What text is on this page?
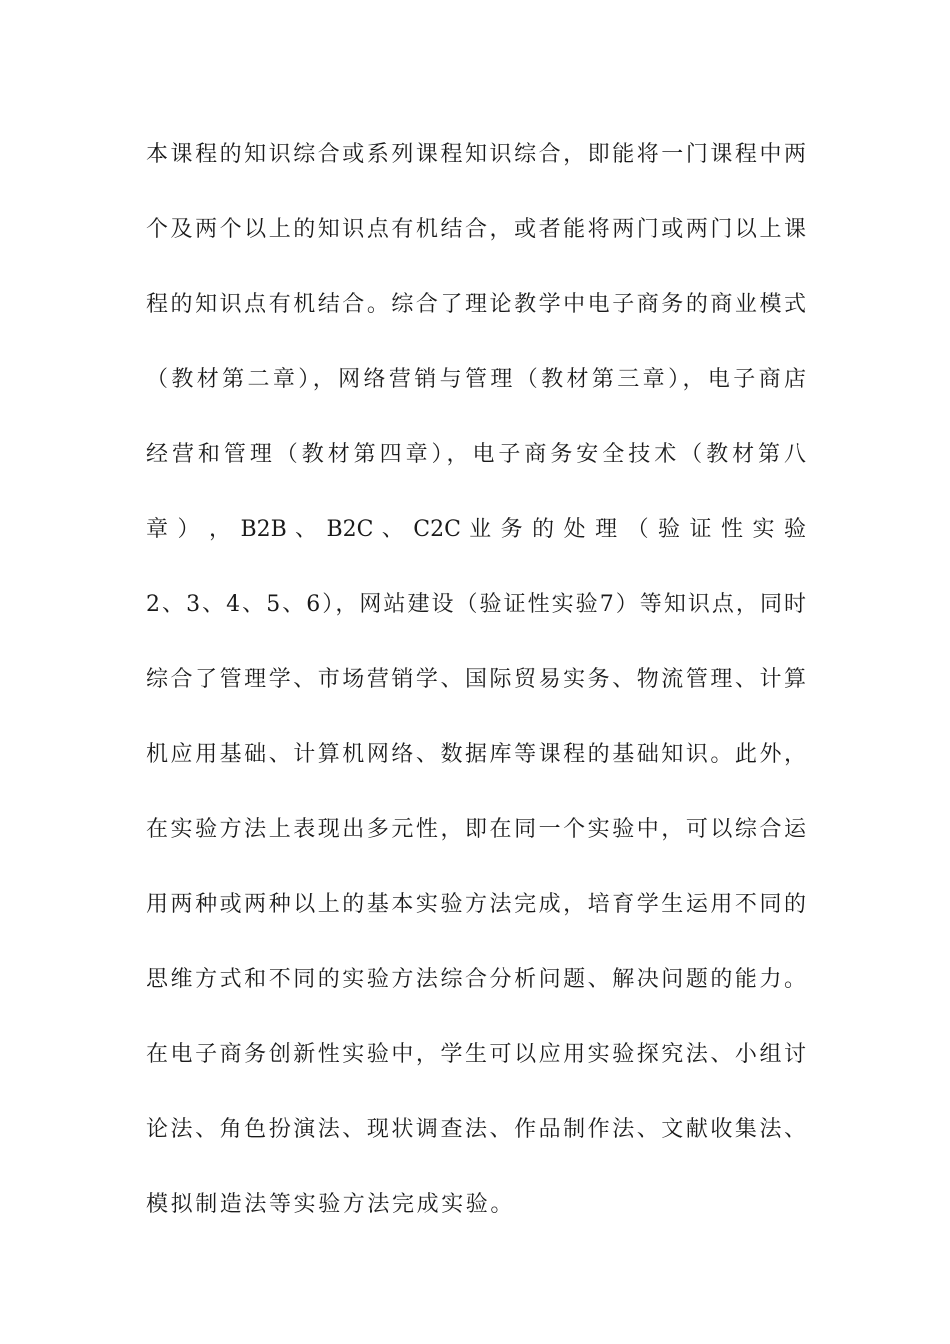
本课程的知识综合或系列课程知识综合，即能将一门课程中两
个及两个以上的知识点有机结合，或者能将两门或两门以上课
程的知识点有机结合。综合了理论教学中电子商务的商业模式
（教材第二章），网络营销与管理（教材第三章），电子商店
经营和管理（教材第四章），电子商务安全技术（教材第八
章 ） ， B2B 、 B2C 、 C2C 业 务 的 处 理 （ 验 证 性 实 验
2、3、4、5、6），网站建设（验证性实验7）等知识点，同时
综合了管理学、市场营销学、国际贸易实务、物流管理、计算
机应用基础、计算机网络、数据库等课程的基础知识。此外，
在实验方法上表现出多元性，即在同一个实验中，可以综合运
用两种或两种以上的基本实验方法完成，培育学生运用不同的
思维方式和不同的实验方法综合分析问题、解决问题的能力。
在电子商务创新性实验中，学生可以应用实验探究法、小组讨
论法、角色扮演法、现状调查法、作品制作法、文献收集法、
模拟制造法等实验方法完成实验。
